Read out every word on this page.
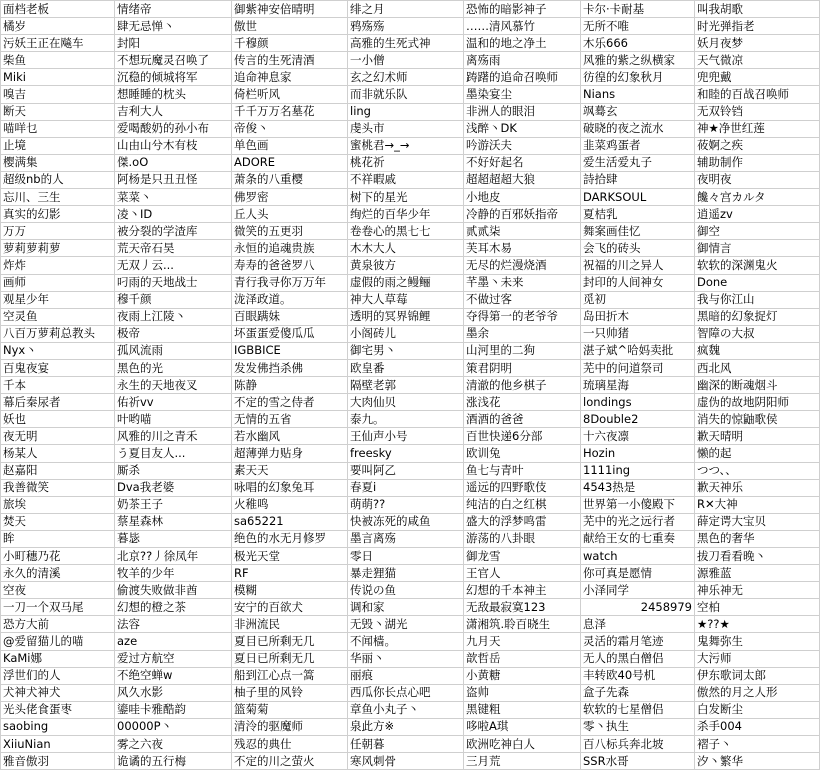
面档老板	情绪帝	御紫神安倍晴明	绯之月	恐怖的暗影神子	卡尔·卡耐基	叫我胡歌
橘岁	肆无忌惮丶	傲世	鸦殇殇	……清风慕竹	无所不唯	时光弹指老
污妖王正在飚车	封阳	千穆颜	高雅的生死式神	温和的地之净土	木乐666	妖月夜梦
柴鱼	不想玩魔灵召唤了	传言的生死清酒	一小僧	离殇雨	风雅的紫之纵横家	天气微凉
Miki	沉稳的倾城将军	追命神息家	玄之幻术师	踌躇的追命召唤师	彷徨的幻象秋月	兜兜戴
嗅吉	想睡睡的枕头	倚栏听风	而非就乐队	墨染宴尘	Nians	和睦的百战召唤师
断天	吉利大人	千千万万名墓花	ling	非洲人的眼泪	飒蓦玄	无双铃铛
喵咩乜	爱喝酸奶的孙小布	帝俊丶	虔头市	浅醉丶DK	破晓的夜之流水	神★净世红莲
止境	山由山兮木有枝	单色画	蜜桃君→_→	吟游沃夫	韭菜鸡蛋者	莜婀之疾
樱满集	傑.oO	ADORE	桃花祈	不好好起名	爱生活爱丸子	辅助制作
超级nb的人	阿杨是只丑丑怪	萧条的八重樱	不祥暇戚	超超超超大狼	詩拾肆	夜明夜
忘川、三生	菜菜丶	佛罗密	树下的星光	小地皮	DARKSOUL	饞々宫カルタ
真实的幻影	凌丶ID	丘人头	绚烂的百华少年	冷静的百邪妖指帝	夏桔乳	逍遥zv
万万	被分裂的学渣库	微笑的五更羽	卷卷心的黑七七	贰贰柒	舞案画佳忆	御空
萝莉萝莉萝	荒天帝石昊	永恒的追魂贵族	木木大人	芙耳木易	会飞的砖头	御情言
炸炸	无双丿云...	寿寿的爸爸罗八	黄泉彼方	无尽的烂漫烧酒	祝福的川之异人	软软的深渊鬼火
画师	叼雨的天地战士	青行我寻你万万年	虚假的雨之鳗鲡	芊墨丶未来	封印的人间神女	Done
观星少年	穆千颜	泷泽政道。	神大人草莓	不做过客	觅初	我与你江山
空灵鱼	夜雨上江陵丶	百眼蹒妹	透明的冥界锦鲤	夺得第一的老爷爷	岛田折木	黑暗的幻象捉灯
八百万萝莉总教头	极帝	坏蛋蛋爱傻瓜瓜	小阁砖儿	墨余	一只帅猪	智障の大叔
Nyx丶	孤风流雨	IGBBICE	御宅男丶	山河里的二狗	湛子斌^哈妈卖批	疯魏
百鬼夜宴	黑色的光	发发佛挡杀佛	欧皇番	策君阴明	芜中的问道祭司	西北风
千本	永生的天地夜叉	陈静	隔壁老郭	清澈的他乡棋子	琉璃星海	幽深的断魂烟斗
幕后秦尿者	佑祈vv	不定的雪之侍者	大肉仙贝	涨浅花	londings	虚伪的故地阴阳师
妖也	叶哟喵	无情的五省	泰九。	酒酒的爸爸	8Double2	消失的惊鼬歌侯
夜无明	风雅的川之青禾	若水幽风	王仙声小号	百世快递6分部	十六夜凛	歉天晴明
杨某人	う夏目友人...	超薄弹力贴身	freesky	欧训兔	Hozin	懒的起
赵嘉阳	厮杀	素天天	要叫阿乙	鱼七与青叶	1111ing	つつ、、
我善微笑	Dva我老婆	咏唱的幻象兔耳	春夏i	遥远的四野歌伎	4543热是	歉天神乐
旅埃	奶茶王子	火稚鸣	萌萌??	纯洁的白之红棋	世界第一小傻殿下	R✕大神
焚天	蔡星森林	sa65221	快被冻死的咸鱼	盛大的浮梦鸣雷	芜中的光之远行者	薛定谔大宝贝
眸	暮毖	绝色的水无月修罗	墨言离殇	游荡的八卦眼	献给王女的七重奏	黑色的奢华
小町穗乃花	北京??丿徐凤年	极光天堂	零日	御龙雪	watch	拔刀看看晚丶
永久的清溪	牧羊的少年	RF	暴走狸猫	王官人	你可真是愿情	源雅蓝
空夜	偷渡失败做非酋	模糊	传说の鱼	幻想的千本神主	小泽同学	神乐神无
一刀一个双马尾	幻想的橙之茶	安宁的百欲犬	调和家	无敌最寂寞123	2458979	空柏
恐方大前	法容	非洲流民	无毁丶湖光	潇湘筑.聆百晓生	息泽	★??★
@爱留猫儿的喵	aze	夏目已所剩无几	不闻樯。	九月天	灵活的霜月笔迹	鬼舞弥生
KaMi娜	爱过方航空	夏日已所剩无几	华丽丶	歆哲岳	无人的黑白僧侣	大污师
浮世们的人	不绝空蝉w	船到江心点一篙	丽痕	小黄糖	丰转欧40号机	伊东歌词太郎
犬神犬神犬	风久水影	柚子里的风铃	西瓜你长点心吧	盗帅	盒子先森	傲然的月之人形
光头佬食蛋枣	鎏哇卡雅酷韵	篮菊菊	章鱼小丸子丶	黑键粗	软软的七星僧侣	白发断尘
saobing	00000P丶	清泠的驱魔师	泉此方※	哆啦A琪	零丶执生	杀手004
XiiuNian	雾之六夜	残忍的典仕	任朝暮	欧洲吃神白人	百八标兵奔北坡	褶子丶
雅音傲羽	诡谲的五行梅	不定的川之萤火	寒风刺骨	三月荒	SSR水哥	汐丶繁华
